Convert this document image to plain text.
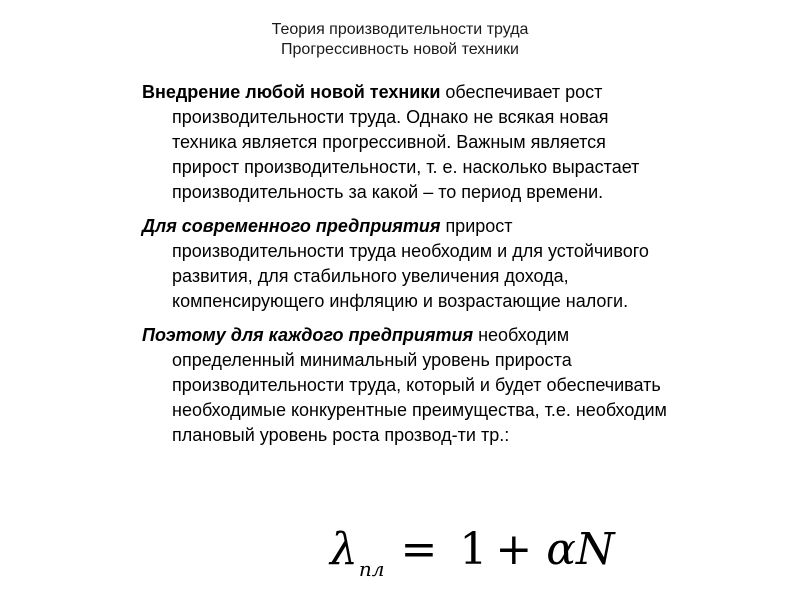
Теория производительности труда
Прогрессивность новой техники
Внедрение любой новой техники обеспечивает рост
производительности труда. Однако не всякая новая
техника является прогрессивной. Важным является
прирост производительности, т. е. насколько вырастает
производительность за какой – то период времени.
Для современного предприятия прирост
производительности труда необходим и для устойчивого
развития, для стабильного увеличения дохода,
компенсирующего инфляцию и возрастающие налоги.
Поэтому для каждого предприятия необходим
определенный минимальный уровень прироста
производительности труда, который и будет обеспечивать
необходимые конкурентные преимущества, т.е. необходим
плановый уровень роста прозвод-ти тр.:
$\lambda_{пл} = 1 + \alpha N$
